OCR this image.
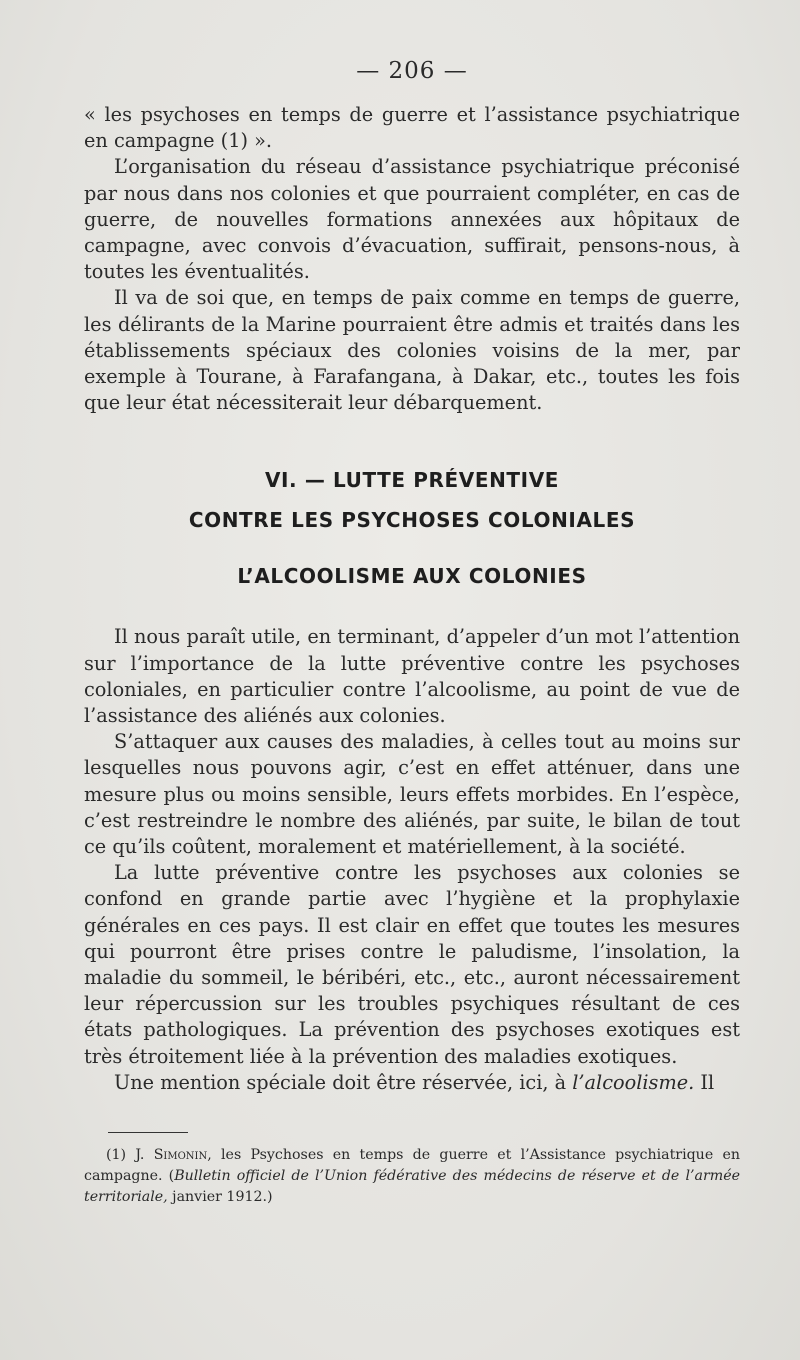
— 206 —

« les psychoses en temps de guerre et l’assistance psychiatrique en campagne (1) ».

L’organisation du réseau d’assistance psychiatrique préconisé par nous dans nos colonies et que pourraient compléter, en cas de guerre, de nouvelles formations annexées aux hôpitaux de campagne, avec convois d’évacuation, suffirait, pensons-nous, à toutes les éventualités.

Il va de soi que, en temps de paix comme en temps de guerre, les délirants de la Marine pourraient être admis et traités dans les établissements spéciaux des colonies voisins de la mer, par exemple à Tourane, à Farafangana, à Dakar, etc., toutes les fois que leur état nécessiterait leur débarquement.

VI. — LUTTE PRÉVENTIVE
CONTRE LES PSYCHOSES COLONIALES
L’ALCOOLISME AUX COLONIES

Il nous paraît utile, en terminant, d’appeler d’un mot l’attention sur l’importance de la lutte préventive contre les psychoses coloniales, en particulier contre l’alcoolisme, au point de vue de l’assistance des aliénés aux colonies.

S’attaquer aux causes des maladies, à celles tout au moins sur lesquelles nous pouvons agir, c’est en effet atténuer, dans une mesure plus ou moins sensible, leurs effets morbides. En l’espèce, c’est restreindre le nombre des aliénés, par suite, le bilan de tout ce qu’ils coûtent, moralement et matériellement, à la société.

La lutte préventive contre les psychoses aux colonies se confond en grande partie avec l’hygiène et la prophylaxie générales en ces pays. Il est clair en effet que toutes les mesures qui pourront être prises contre le paludisme, l’insolation, la maladie du sommeil, le béribéri, etc., etc., auront nécessairement leur répercussion sur les troubles psychiques résultant de ces états pathologiques. La prévention des psychoses exotiques est très étroitement liée à la prévention des maladies exotiques.

Une mention spéciale doit être réservée, ici, à l’alcoolisme. Il

(1) J. Simonin, les Psychoses en temps de guerre et l’Assistance psychiatrique en campagne. (Bulletin officiel de l’Union fédérative des médecins de réserve et de l’armée territoriale, janvier 1912.)
